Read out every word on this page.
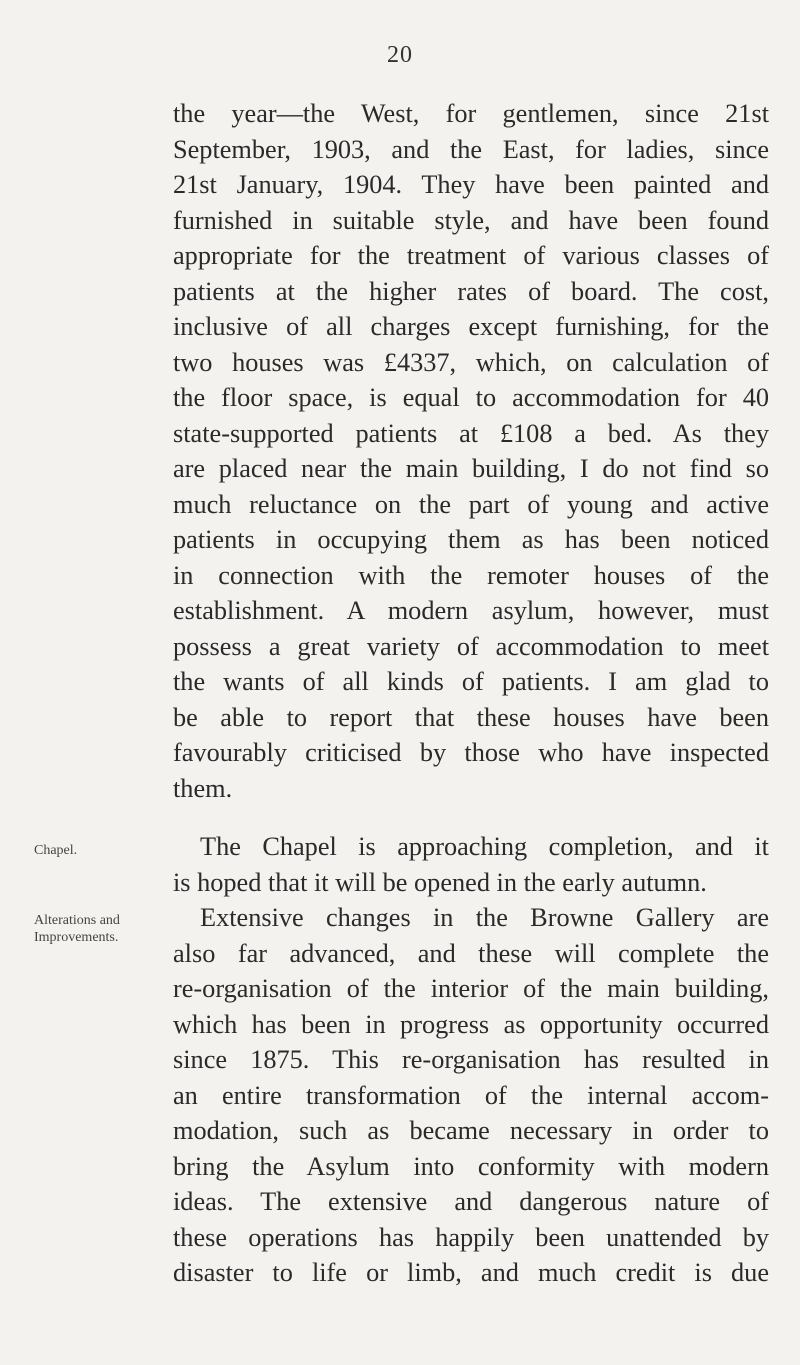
20
the year—the West, for gentlemen, since 21st
September, 1903, and the East, for ladies, since
21st January, 1904. They have been painted and
furnished in suitable style, and have been found
appropriate for the treatment of various classes of
patients at the higher rates of board. The cost,
inclusive of all charges except furnishing, for the
two houses was £4337, which, on calculation of
the floor space, is equal to accommodation for 40
state-supported patients at £108 a bed. As they
are placed near the main building, I do not find so
much reluctance on the part of young and active
patients in occupying them as has been noticed
in connection with the remoter houses of the
establishment. A modern asylum, however, must
possess a great variety of accommodation to meet
the wants of all kinds of patients. I am glad to
be able to report that these houses have been
favourably criticised by those who have inspected
them.
Chapel.	The Chapel is approaching completion, and it
is hoped that it will be opened in the early autumn.
Alterations and
Improvements.
Extensive changes in the Browne Gallery are
also far advanced, and these will complete the
re-organisation of the interior of the main building,
which has been in progress as opportunity occurred
since 1875. This re-organisation has resulted in
an entire transformation of the internal accom-
modation, such as became necessary in order to
bring the Asylum into conformity with modern
ideas. The extensive and dangerous nature of
these operations has happily been unattended by
disaster to life or limb, and much credit is due
